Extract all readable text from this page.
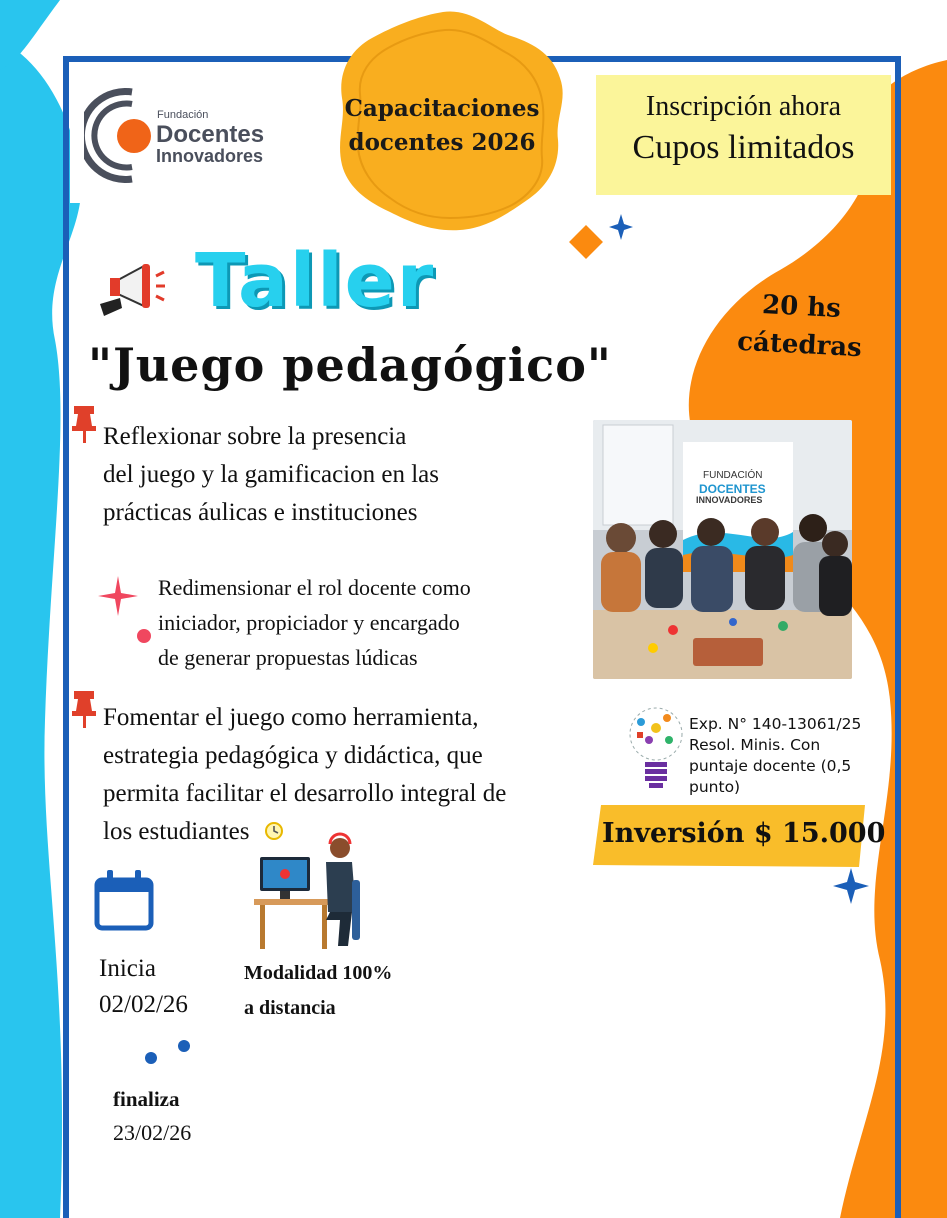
Fundación
Docentes
Innovadores
Capacitaciones
docentes 2026
Inscripción ahora
Cupos limitados
Taller
"Juego pedagógico"
20 hs
cátedras
Reflexionar sobre la presencia
del juego y la gamificacion en las
prácticas áulicas e instituciones
Redimensionar el rol docente como
iniciador, propiciador y encargado
de generar propuestas lúdicas
Fomentar el juego como herramienta,
estrategia pedagógica y didáctica, que
permita facilitar el desarrollo integral de
los estudiantes
FUNDACIÓN
DOCENTES
INNOVADORES
Exp. N° 140-13061/25
Resol. Minis. Con
puntaje docente (0,5
punto)
Inversión $ 15.000
Inicia
02/02/26
Modalidad 100%
a distancia
finaliza
23/02/26
